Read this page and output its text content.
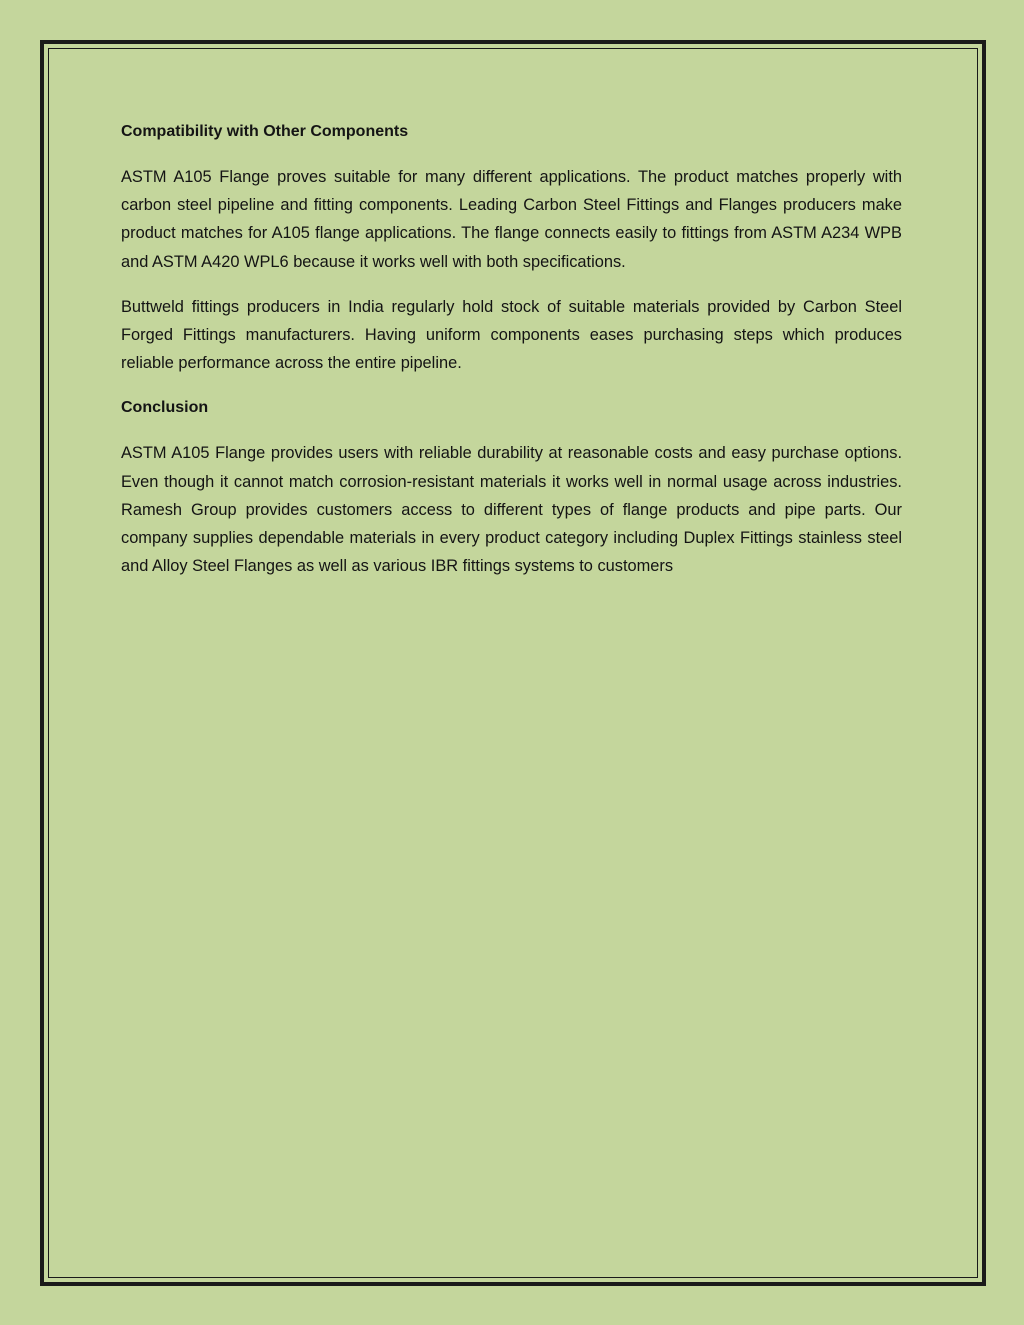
Compatibility with Other Components

ASTM A105 Flange proves suitable for many different applications. The product matches properly with carbon steel pipeline and fitting components. Leading Carbon Steel Fittings and Flanges producers make product matches for A105 flange applications. The flange connects easily to fittings from ASTM A234 WPB and ASTM A420 WPL6 because it works well with both specifications.

Buttweld fittings producers in India regularly hold stock of suitable materials provided by Carbon Steel Forged Fittings manufacturers. Having uniform components eases purchasing steps which produces reliable performance across the entire pipeline.

Conclusion

ASTM A105 Flange provides users with reliable durability at reasonable costs and easy purchase options. Even though it cannot match corrosion-resistant materials it works well in normal usage across industries. Ramesh Group provides customers access to different types of flange products and pipe parts. Our company supplies dependable materials in every product category including Duplex Fittings stainless steel and Alloy Steel Flanges as well as various IBR fittings systems to customers
